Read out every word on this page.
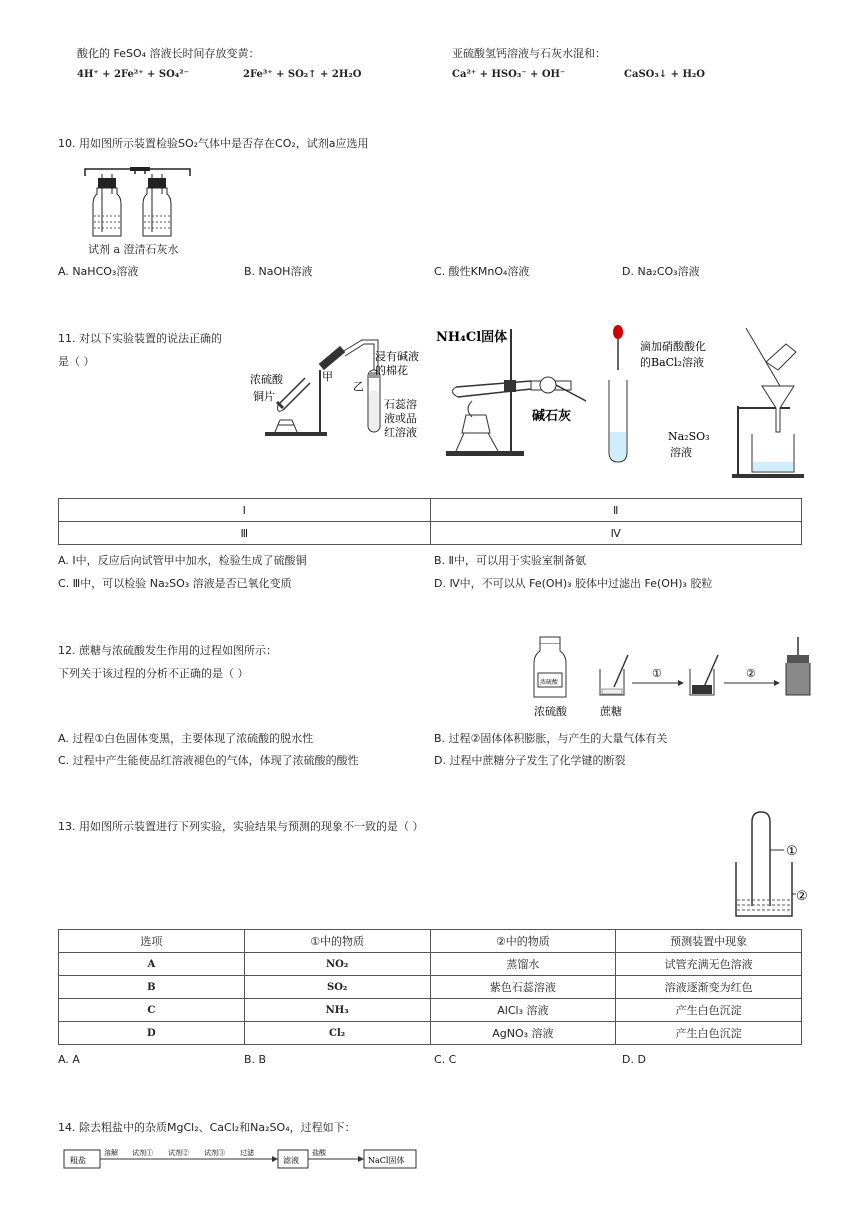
酸化的 FeSO₄ 溶液长时间存放变黄：
4H⁺ + 2Fe²⁺ + SO₄²⁻	2Fe³⁺ + SO₂↑ + 2H₂O
亚硫酸氢钙溶液与石灰水混和：
Ca²⁺ + HSO₃⁻ + OH⁻	CaSO₃↓ + H₂O
10. 用如图所示装置检验SO₂气体中是否存在CO₂，试剂a应选用
试剂 a 澄清石灰水
A. NaHCO₃溶液	B. NaOH溶液	C. 酸性KMnO₄溶液	D. Na₂CO₃溶液
11. 对以下实验装置的说法正确的
是（ ）
甲
乙
浓硫酸
铜片
浸有碱液
的棉花
石蕊溶
液或品
红溶液
NH₄Cl固体
碱石灰
滴加硝酸酸化
的BaCl₂溶液
Na₂SO₃
溶液
Ⅰ	Ⅱ
Ⅲ	Ⅳ
A. Ⅰ中，反应后向试管甲中加水，检验生成了硫酸铜	B. Ⅱ中，可以用于实验室制备氨
C. Ⅲ中，可以检验 Na₂SO₃ 溶液是否已氧化变质	D. Ⅳ中，不可以从 Fe(OH)₃ 胶体中过滤出 Fe(OH)₃ 胶粒
12. 蔗糖与浓硫酸发生作用的过程如图所示：
下列关于该过程的分析不正确的是（ ）
浓硫酸
①	②
浓硫酸	蔗糖
A. 过程①白色固体变黑，主要体现了浓硫酸的脱水性	B. 过程②固体体积膨胀，与产生的大量气体有关
C. 过程中产生能使品红溶液褪色的气体，体现了浓硫酸的酸性	D. 过程中蔗糖分子发生了化学键的断裂
13. 用如图所示装置进行下列实验，实验结果与预测的现象不一致的是（ ）
①
②
选项	①中的物质	②中的物质	预测装置中现象
A	NO₂	蒸馏水	试管充满无色溶液
B	SO₂	紫色石蕊溶液	溶液逐渐变为红色
C	NH₃	AlCl₃ 溶液	产生白色沉淀
D	Cl₂	AgNO₃ 溶液	产生白色沉淀
A. A	B. B	C. C	D. D
14. 除去粗盐中的杂质MgCl₂、CaCl₂和Na₂SO₄，过程如下：
粗盐
溶解 试剂① 试剂② 试剂③ 过滤
滤液
盐酸
NaCl固体
